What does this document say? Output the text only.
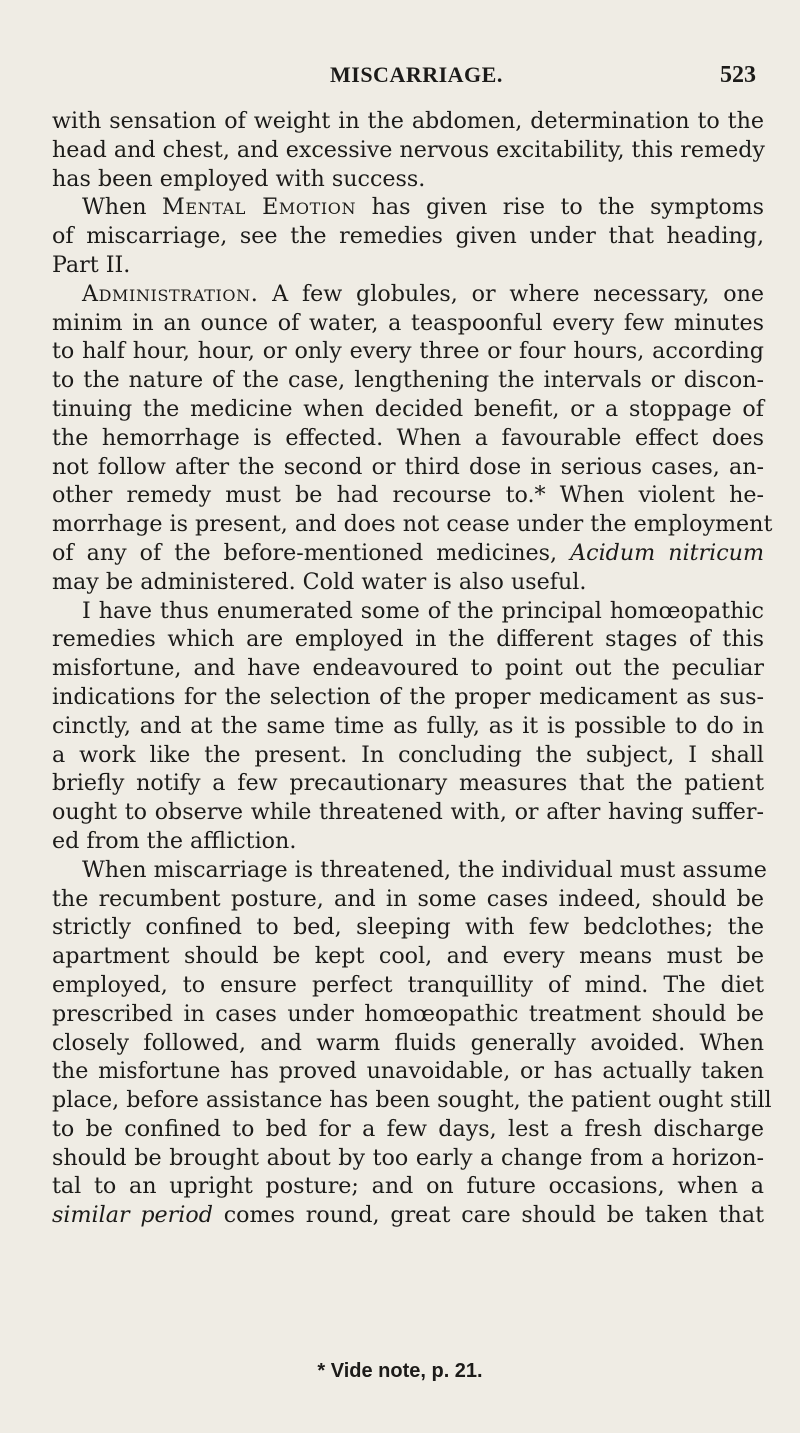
MISCARRIAGE.	523
with sensation of weight in the abdomen, determination to the
head and chest, and excessive nervous excitability, this remedy
has been employed with success.
When Mental Emotion has given rise to the symptoms
of miscarriage, see the remedies given under that heading,
Part II.
Administration. A few globules, or where necessary, one
minim in an ounce of water, a teaspoonful every few minutes
to half hour, hour, or only every three or four hours, according
to the nature of the case, lengthening the intervals or discon-
tinuing the medicine when decided benefit, or a stoppage of
the hemorrhage is effected. When a favourable effect does
not follow after the second or third dose in serious cases, an-
other remedy must be had recourse to.* When violent he-
morrhage is present, and does not cease under the employment
of any of the before-mentioned medicines, Acidum nitricum
may be administered. Cold water is also useful.
I have thus enumerated some of the principal homœopathic
remedies which are employed in the different stages of this
misfortune, and have endeavoured to point out the peculiar
indications for the selection of the proper medicament as sus-
cinctly, and at the same time as fully, as it is possible to do in
a work like the present. In concluding the subject, I shall
briefly notify a few precautionary measures that the patient
ought to observe while threatened with, or after having suffer-
ed from the affliction.
When miscarriage is threatened, the individual must assume
the recumbent posture, and in some cases indeed, should be
strictly confined to bed, sleeping with few bedclothes; the
apartment should be kept cool, and every means must be
employed, to ensure perfect tranquillity of mind. The diet
prescribed in cases under homœopathic treatment should be
closely followed, and warm fluids generally avoided. When
the misfortune has proved unavoidable, or has actually taken
place, before assistance has been sought, the patient ought still
to be confined to bed for a few days, lest a fresh discharge
should be brought about by too early a change from a horizon-
tal to an upright posture; and on future occasions, when a
similar period comes round, great care should be taken that
* Vide note, p. 21.
